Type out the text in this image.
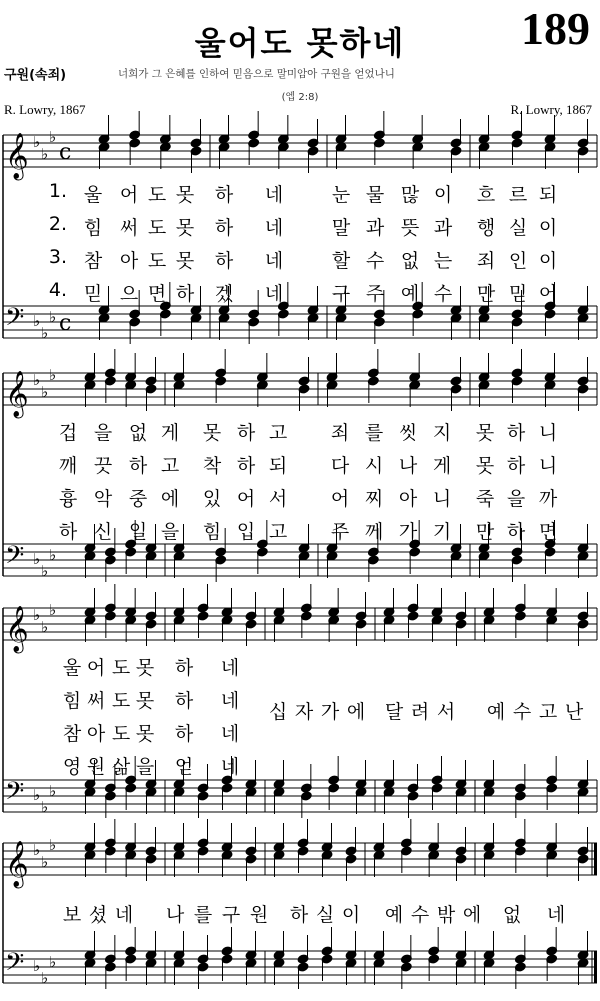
울어도 못하네	189
구원(속죄)	너희가 그 은혜를 인하여 믿음으로 말미암아 구원을 얻었나니
(엡 2:8)
R. Lowry, 1867	R. Lowry, 1867
𝄞 ♭
♭
♭
c
𝄢 ♭
♭
♭ c
𝄞 ♭
♭
♭
𝄢 ♭
♭
♭
𝄞 ♭
♭
♭
𝄢 ♭
♭
♭
𝄞 ♭
♭
♭
𝄢 ♭
♭
♭
1. 울 어 도 못 하 네	눈 물 많 이 흐 르 되
2. 힘 써 도 못 하 네	말 과 뜻 과 행 실 이
3. 참 아 도 못 하 네	할 수 없 는 죄 인 이
4. 믿 으 면 하 겠 네	구 주 예 수 만 믿 어
겁 을 없 게 못 하 고 죄 를 씻 지 못 하 니
깨 끗 하 고 착 하 되 다 시 나 게 못 하 니
흉 악 중 에 있 어 서 어 찌 아 니 죽 을 까
하 신 일 을 힘 입 고 주 께 가 기 만 하 면
울 어 도 못 하 네
힘 써 도 못 하 네
참 아 도 못 하 네
영 원 삶 을 얻 네
십 자 가 에 달 려 서 예 수 고 난
보 셨 네 나 를 구 원 하 실 이 예 수 밖 에 없 네
